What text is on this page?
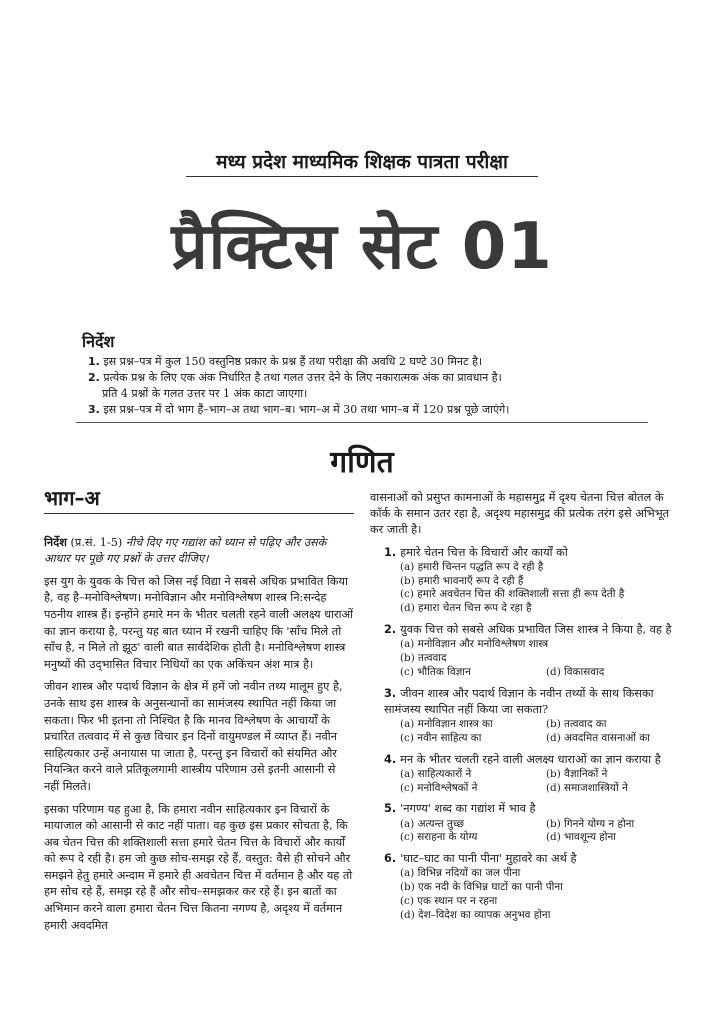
मध्य प्रदेश माध्यमिक शिक्षक पात्रता परीक्षा
प्रैक्टिस सेट 01
निर्देश
1. इस प्रश्न–पत्र में कुल 150 वस्तुनिष्ठ प्रकार के प्रश्न हैं तथा परीक्षा की अवधि 2 घण्टे 30 मिनट है।
2. प्रत्येक प्रश्न के लिए एक अंक निर्धारित है तथा गलत उत्तर देने के लिए नकारात्मक अंक का प्रावधान है।
प्रति 4 प्रश्नों के गलत उत्तर पर 1 अंक काटा जाएगा।
3. इस प्रश्न–पत्र में दो भाग हैं–भाग–अ तथा भाग–ब। भाग–अ में 30 तथा भाग–ब में 120 प्रश्न पूछे जाएंगे।
गणित
भाग–अ

निर्देश (प्र.सं. 1-5) नीचे दिए गए गद्यांश को ध्यान से पढ़िए और उसके आधार पर पूछे गए प्रश्नों के उत्तर दीजिए।

इस युग के युवक के चित्त को जिस नई विद्या ने सबसे अधिक प्रभावित किया है, वह है–मनोविश्लेषण। मनोविज्ञान और मनोविश्लेषण शास्त्र नि:सन्देह पठनीय शास्त्र हैं। इन्होंने हमारे मन के भीतर चलती रहने वाली अलक्ष्य धाराओं का ज्ञान कराया है, परन्तु यह बात ध्यान में रखनी चाहिए कि 'साँच मिले तो साँच है, न मिले तो झूठ' वाली बात सार्वदेशिक होती है। मनोविश्लेषण शास्त्र मनुष्यों की उद्‌भासित विचार निधियों का एक अकिंचन अंश मात्र है।

जीवन शास्त्र और पदार्थ विज्ञान के क्षेत्र में हमें जो नवीन तथ्य मालूम हुए है, उनके साथ इस शास्त्र के अनुसन्धानों का सामंजस्य स्थापित नहीं किया जा सकता। फिर भी इतना तो निश्चित है कि मानव विश्लेषण के आचार्यों के प्रचारित तत्ववाद में से कुछ विचार इन दिनों वायुमण्डल में व्याप्त हैं। नवीन साहित्यकार उन्हें अनायास पा जाता है, परन्तु इन विचारों को संयमित और नियन्त्रित करने वाले प्रतिकूलगामी शास्त्रीय परिणाम उसे इतनी आसानी से नहीं मिलते।

इसका परिणाम यह हुआ है, कि हमारा नवीन साहित्यकार इन विचारों के मायाजाल को आसानी से काट नहीं पाता। वह कुछ इस प्रकार सोचता है, कि अब चेतन चित्त की शक्तिशाली सत्ता हमारे चेतन चित्त के विचारों और कार्यों को रूप दे रही है। हम जो कुछ सोच-समझ रहे हैं, वस्तुत: वैसे ही सोचने और समझने हेतु हमारे अन्दाम में हमारे ही अवचेतन चित्त में वर्तमान है और यह तो हम सोच रहे हैं, समझ रहे हैं और सोच–समझकर कर रहे हैं। इन बातों का अभिमान करने वाला हमारा चेतन चित्त कितना नगण्य है, अदृश्य में वर्तमान हमारी अवदमित

वासनाओं को प्रसुप्त कामनाओं के महासमुद्र में दृश्य चेतना चित्त बोतल के कॉर्क के समान उतर रहा है, अदृश्य महासमुद्र की प्रत्येक तरंग इसे अभिभूत कर जाती है।

1. हमारे चेतन चित्त के विचारों और कार्यों को

(a) हमारी चिन्तन पद्धति रूप दे रही है
(b) हमारी भावनाएँ रूप दे रही हैं
(c) हमारे अवचेतन चित्त की शक्तिशाली सत्ता ही रूप देती है
(d) हमारा चेतन चित्त रूप दे रहा है

2. युवक चित्त को सबसे अधिक प्रभावित जिस शास्त्र ने किया है, वह है

(a) मनोविज्ञान और मनोविश्लेषण शास्त्र
(b) तत्ववाद
(c) भौतिक विज्ञान	(d) विकासवाद

3. जीवन शास्त्र और पदार्थ विज्ञान के नवीन तथ्यों के साथ किसका सामंजस्य स्थापित नहीं किया जा सकता?

(a) मनोविज्ञान शास्त्र का	(b) तत्ववाद का
(c) नवीन साहित्य का	(d) अवदमित वासनाओं का

4. मन के भीतर चलती रहने वाली अलक्ष्य धाराओं का ज्ञान कराया है

(a) साहित्यकारों ने	(b) वैज्ञानिकों ने
(c) मनोविश्लेषकों ने	(d) समाजशास्त्रियों ने

5. 'नगण्य' शब्द का गद्यांश में भाव है

(a) अत्यन्त तुच्छ	(b) गिनने योग्य न होना
(c) सराहना के योग्य	(d) भावशून्य होना

6. 'घाट–घाट का पानी पीना' मुहावरे का अर्थ है

(a) विभिन्न नदियों का जल पीना
(b) एक नदी के विभिन्न घाटों का पानी पीना
(c) एक स्थान पर न रहना
(d) देश–विदेश का व्यापक अनुभव होना
